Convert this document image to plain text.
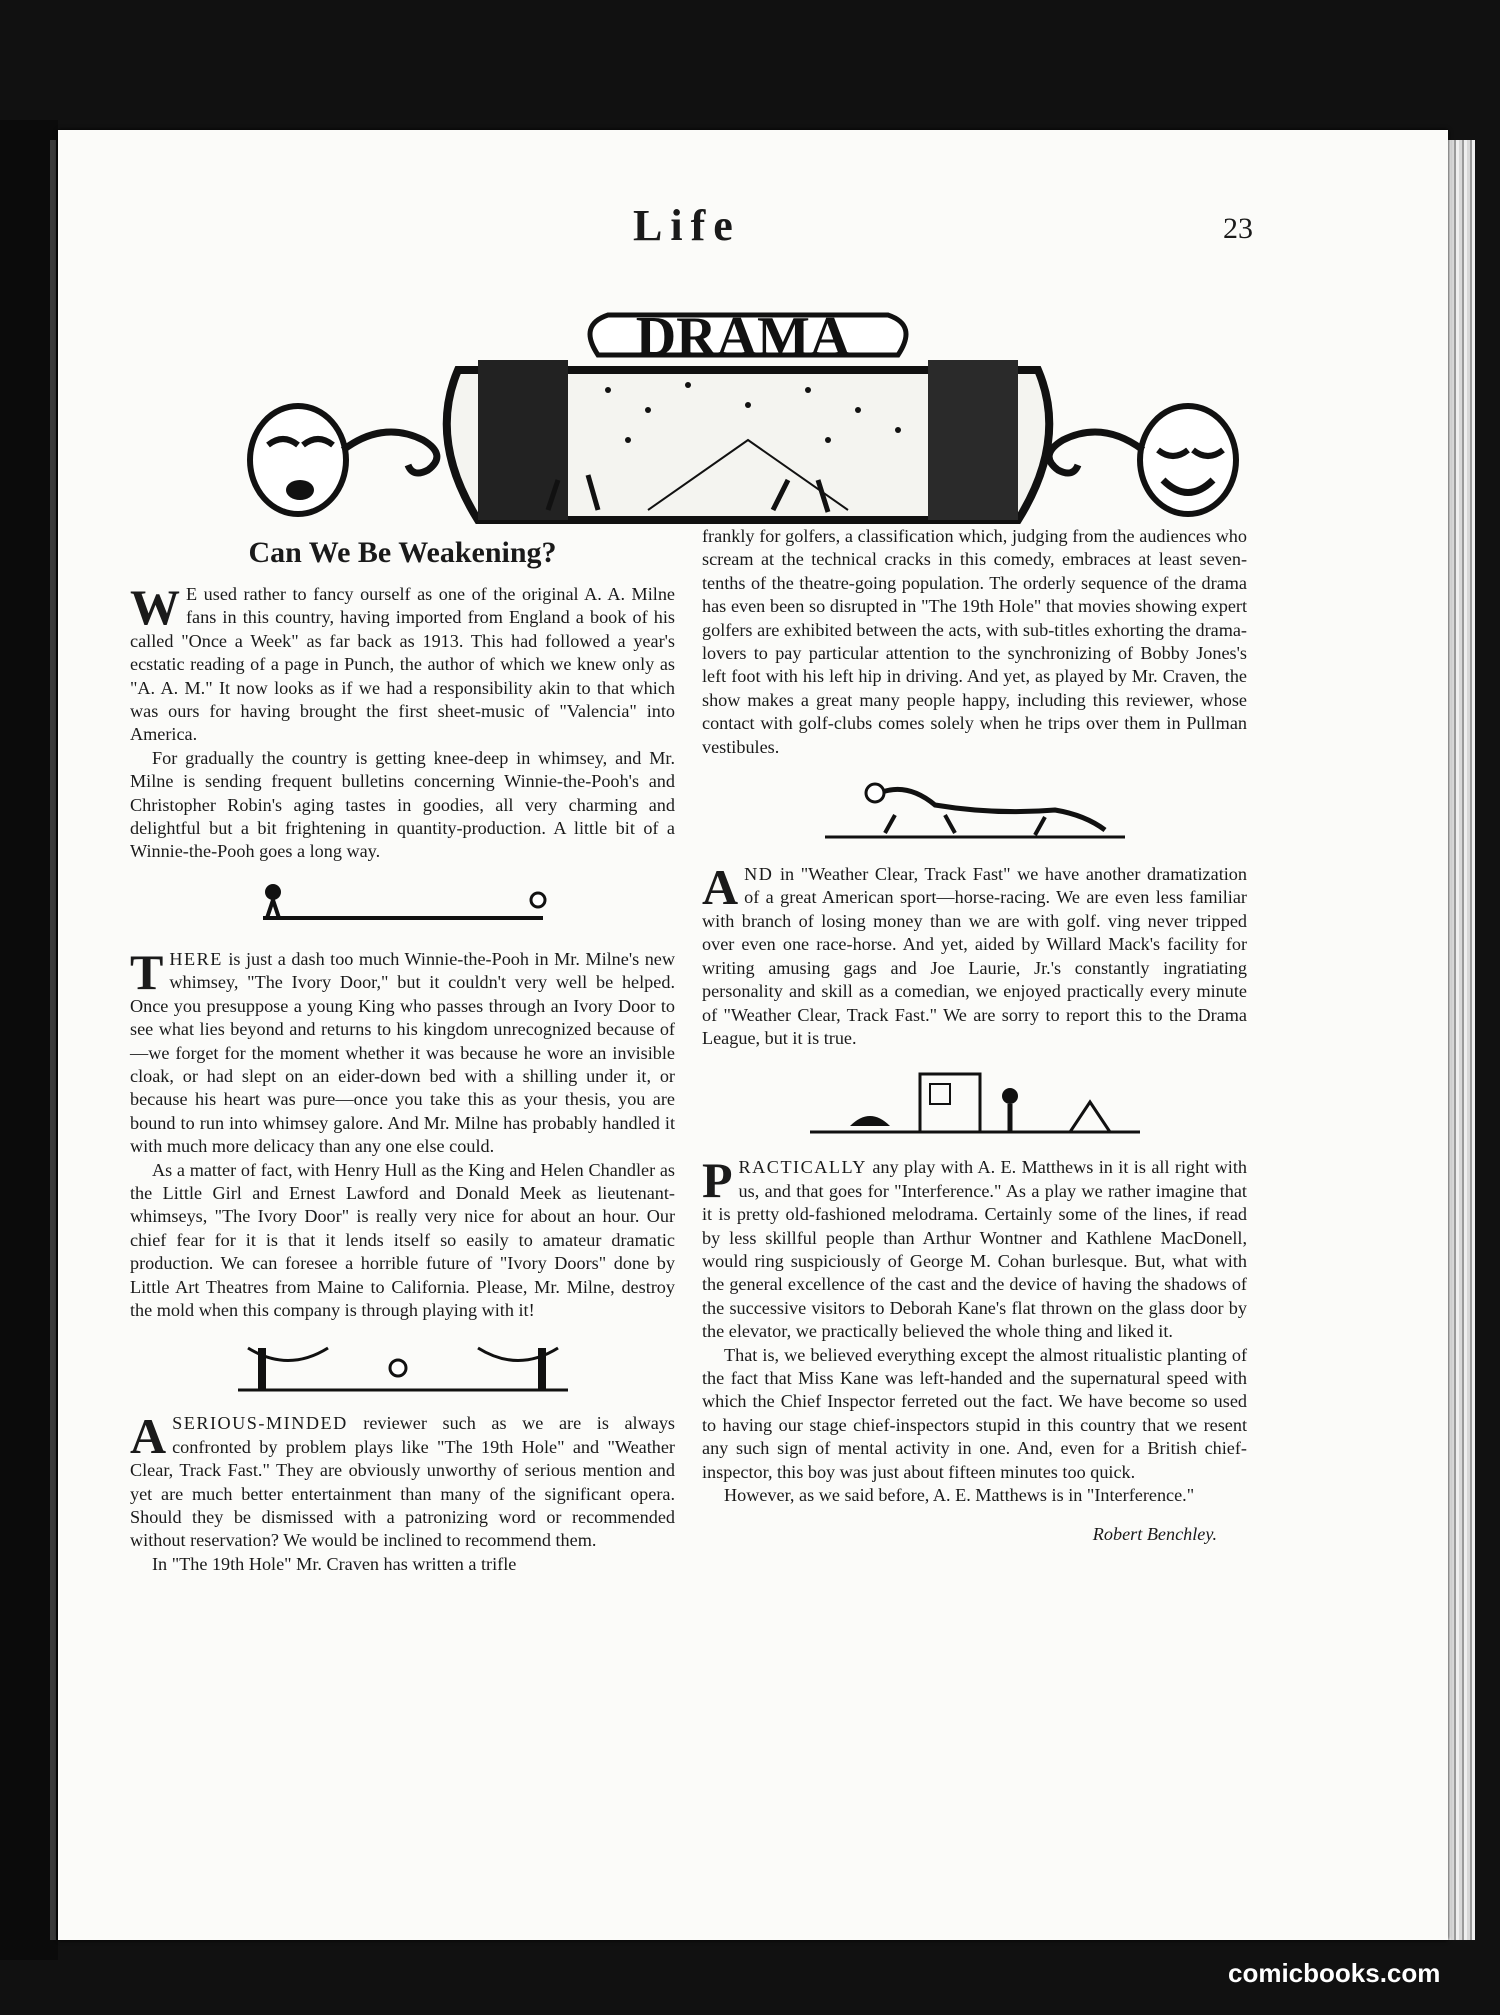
Life	23
DRAMA
Can We Be Weakening?

W E used rather to fancy ourself as one of the original A. A. Milne fans in this country, having imported from England a book of his called "Once a Week" as far back as 1913. This had followed a year's ecstatic reading of a page in Punch, the author of which we knew only as "A. A. M." It now looks as if we had a responsibility akin to that which was ours for having brought the first sheet-music of "Valencia" into America.

For gradually the country is getting knee-deep in whimsey, and Mr. Milne is sending frequent bulletins concerning Winnie-the-Pooh's and Christopher Robin's aging tastes in goodies, all very charming and delightful but a bit frightening in quantity-production. A little bit of a Winnie-the-Pooh goes a long way.

THERE is just a dash too much Winnie-the-Pooh in Mr. Milne's new whimsey, "The Ivory Door," but it couldn't very well be helped. Once you presuppose a young King who passes through an Ivory Door to see what lies beyond and returns to his kingdom unrecognized because of—we forget for the moment whether it was because he wore an invisible cloak, or had slept on an eider-down bed with a shilling under it, or because his heart was pure—once you take this as your thesis, you are bound to run into whimsey galore. And Mr. Milne has probably handled it with much more delicacy than any one else could.

As a matter of fact, with Henry Hull as the King and Helen Chandler as the Little Girl and Ernest Lawford and Donald Meek as lieutenant-whimseys, "The Ivory Door" is really very nice for about an hour. Our chief fear for it is that it lends itself so easily to amateur dramatic production. We can foresee a horrible future of "Ivory Doors" done by Little Art Theatres from Maine to California. Please, Mr. Milne, destroy the mold when this company is through playing with it!

ASERIOUS-MINDED reviewer such as we are is always confronted by problem plays like "The 19th Hole" and "Weather Clear, Track Fast." They are obviously unworthy of serious mention and yet are much better entertainment than many of the significant opera. Should they be dismissed with a patronizing word or recommended without reservation? We would be inclined to recommend them.

In "The 19th Hole" Mr. Craven has written a trifle

frankly for golfers, a classification which, judging from the audiences who scream at the technical cracks in this comedy, embraces at least seven-tenths of the theatre-going population. The orderly sequence of the drama has even been so disrupted in "The 19th Hole" that movies showing expert golfers are exhibited between the acts, with sub-titles exhorting the drama-lovers to pay particular attention to the synchronizing of Bobby Jones's left foot with his left hip in driving. And yet, as played by Mr. Craven, the show makes a great many people happy, including this reviewer, whose contact with golf-clubs comes solely when he trips over them in Pullman vestibules.

AND in "Weather Clear, Track Fast" we have another dramatization of a great American sport—horse-racing. We are even less familiar with branch of losing money than we are with golf. ving never tripped over even one race-horse. And yet, aided by Willard Mack's facility for writing amusing gags and Joe Laurie, Jr.'s constantly ingratiating personality and skill as a comedian, we enjoyed practically every minute of "Weather Clear, Track Fast." We are sorry to report this to the Drama League, but it is true.

PRACTICALLY any play with A. E. Matthews in it is all right with us, and that goes for "Interference." As a play we rather imagine that it is pretty old-fashioned melodrama. Certainly some of the lines, if read by less skillful people than Arthur Wontner and Kathlene MacDonell, would ring suspiciously of George M. Cohan burlesque. But, what with the general excellence of the cast and the device of having the shadows of the successive visitors to Deborah Kane's flat thrown on the glass door by the elevator, we practically believed the whole thing and liked it.

That is, we believed everything except the almost ritualistic planting of the fact that Miss Kane was left-handed and the supernatural speed with which the Chief Inspector ferreted out the fact. We have become so used to having our stage chief-inspectors stupid in this country that we resent any such sign of mental activity in one. And, even for a British chief-inspector, this boy was just about fifteen minutes too quick.

However, as we said before, A. E. Matthews is in "Interference."

Robert Benchley.
comicbooks.com
